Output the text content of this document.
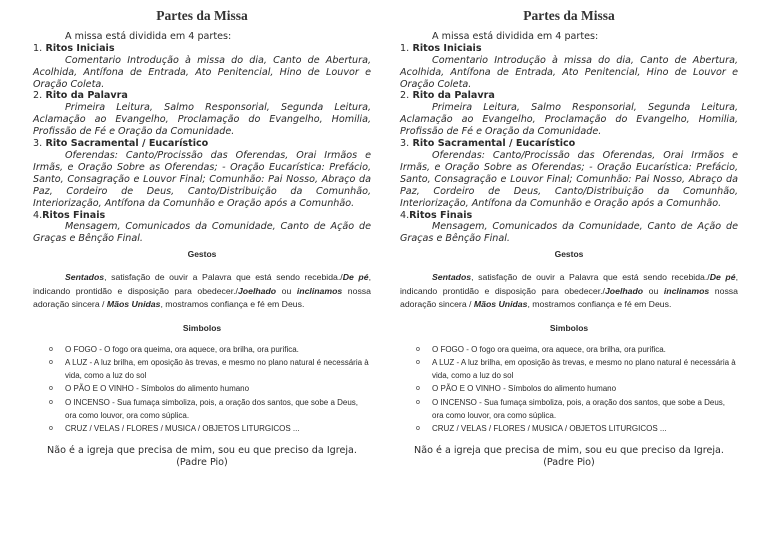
Partes da Missa
A missa está dividida em 4 partes:
1. Ritos Iniciais
Comentario Introdução à missa do dia, Canto de Abertura, Acolhida, Antífona de Entrada, Ato Penitencial, Hino de Louvor e Oração Coleta.
2. Rito da Palavra
Primeira Leitura, Salmo Responsorial, Segunda Leitura, Aclamação ao Evangelho, Proclamação do Evangelho, Homilia, Profissão de Fé e Oração da Comunidade.
3. Rito Sacramental / Eucarístico
Oferendas: Canto/Procissão das Oferendas, Orai Irmãos e Irmãs, e Oração Sobre as Oferendas; - Oração Eucarística: Prefácio, Santo, Consagração e Louvor Final; Comunhão: Pai Nosso, Abraço da Paz, Cordeiro de Deus, Canto/Distribuição da Comunhão, Interiorização, Antífona da Comunhão e Oração após a Comunhão.
4.Ritos Finais
Mensagem, Comunicados da Comunidade, Canto de Ação de Graças e Bênção Final.
Gestos
Sentados, satisfação de ouvir a Palavra que está sendo recebida./De pé, indicando prontidão e disposição para obedecer./Joelhado ou inclinamos nossa adoração sincera / Mãos Unidas, mostramos confiança e fé em Deus.
Simbolos
o O FOGO - O fogo ora queima, ora aquece, ora brilha, ora purifica.
o A LUZ - A luz brilha, em oposição às trevas, e mesmo no plano natural é necessária à vida, como a luz do sol
o O PÃO E O VINHO - Símbolos do alimento humano
o O INCENSO - Sua fumaça simboliza, pois, a oração dos santos, que sobe a Deus, ora como louvor, ora como súplica.
o CRUZ / VELAS / FLORES / MUSICA / OBJETOS LITURGICOS ...
Não é a igreja que precisa de mim, sou eu que preciso da Igreja. (Padre Pio)
Partes da Missa
A missa está dividida em 4 partes:
1. Ritos Iniciais
Comentario Introdução à missa do dia, Canto de Abertura, Acolhida, Antífona de Entrada, Ato Penitencial, Hino de Louvor e Oração Coleta.
2. Rito da Palavra
Primeira Leitura, Salmo Responsorial, Segunda Leitura, Aclamação ao Evangelho, Proclamação do Evangelho, Homilia, Profissão de Fé e Oração da Comunidade.
3. Rito Sacramental / Eucarístico
Oferendas: Canto/Procissão das Oferendas, Orai Irmãos e Irmãs, e Oração Sobre as Oferendas; - Oração Eucarística: Prefácio, Santo, Consagração e Louvor Final; Comunhão: Pai Nosso, Abraço da Paz, Cordeiro de Deus, Canto/Distribuição da Comunhão, Interiorização, Antífona da Comunhão e Oração após a Comunhão.
4.Ritos Finais
Mensagem, Comunicados da Comunidade, Canto de Ação de Graças e Bênção Final.
Gestos
Sentados, satisfação de ouvir a Palavra que está sendo recebida./De pé, indicando prontidão e disposição para obedecer./Joelhado ou inclinamos nossa adoração sincera / Mãos Unidas, mostramos confiança e fé em Deus.
Simbolos
o O FOGO - O fogo ora queima, ora aquece, ora brilha, ora purifica.
o A LUZ - A luz brilha, em oposição às trevas, e mesmo no plano natural é necessária à vida, como a luz do sol
o O PÃO E O VINHO - Símbolos do alimento humano
o O INCENSO - Sua fumaça simboliza, pois, a oração dos santos, que sobe a Deus, ora como louvor, ora como súplica.
o CRUZ / VELAS / FLORES / MUSICA / OBJETOS LITURGICOS ...
Não é a igreja que precisa de mim, sou eu que preciso da Igreja. (Padre Pio)
